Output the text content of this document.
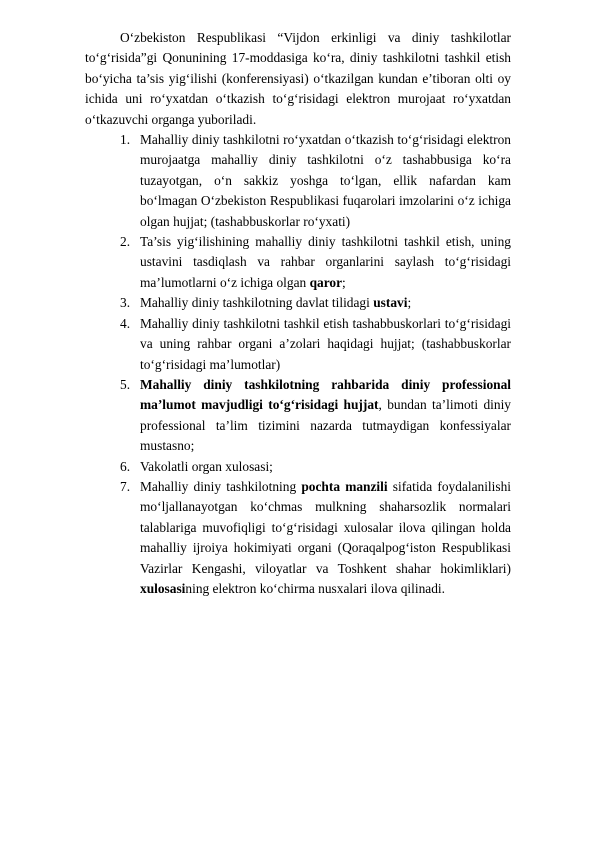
O‘zbekiston Respublikasi “Vijdon erkinligi va diniy tashkilotlar to‘g‘risida”gi Qonunining 17-moddasiga ko‘ra, diniy tashkilotni tashkil etish bo‘yicha ta’sis yig‘ilishi (konferensiyasi) o‘tkazilgan kundan e’tiboran olti oy ichida uni ro‘yxatdan o‘tkazish to‘g‘risidagi elektron murojaat ro‘yxatdan o‘tkazuvchi organga yuboriladi.

1. Mahalliy diniy tashkilotni ro‘yxatdan o‘tkazish to‘g‘risidagi elektron murojaatga mahalliy diniy tashkilotni o‘z tashabbusiga ko‘ra tuzayotgan, o‘n sakkiz yoshga to‘lgan, ellik nafardan kam bo‘lmagan O‘zbekiston Respublikasi fuqarolari imzolarini o‘z ichiga olgan hujjat; (tashabbuskorlar ro‘yxati)
2. Ta’sis yig‘ilishining mahalliy diniy tashkilotni tashkil etish, uning ustavini tasdiqlash va rahbar organlarini saylash to‘g‘risidagi ma’lumotlarni o‘z ichiga olgan qaror;
3. Mahalliy diniy tashkilotning davlat tilidagi ustavi;
4. Mahalliy diniy tashkilotni tashkil etish tashabbuskorlari to‘g‘risidagi va uning rahbar organi a’zolari haqidagi hujjat; (tashabbuskorlar to‘g‘risidagi ma’lumotlar)
5. Mahalliy diniy tashkilotning rahbarida diniy professional ma’lumot mavjudligi to‘g‘risidagi hujjat, bundan ta’limoti diniy professional ta’lim tizimini nazarda tutmaydigan konfessiyalar mustasno;
6. Vakolatli organ xulosasi;
7. Mahalliy diniy tashkilotning pochta manzili sifatida foydalanilishi mo‘ljallanayotgan ko‘chmas mulkning shaharsozlik normalari talablariga muvofiqligi to‘g‘risidagi xulosalar ilova qilingan holda mahalliy ijroiya hokimiyati organi (Qoraqalpog‘iston Respublikasi Vazirlar Kengashi, viloyatlar va Toshkent shahar hokimliklari) xulosasining elektron ko‘chirma nusxalari ilova qilinadi.
